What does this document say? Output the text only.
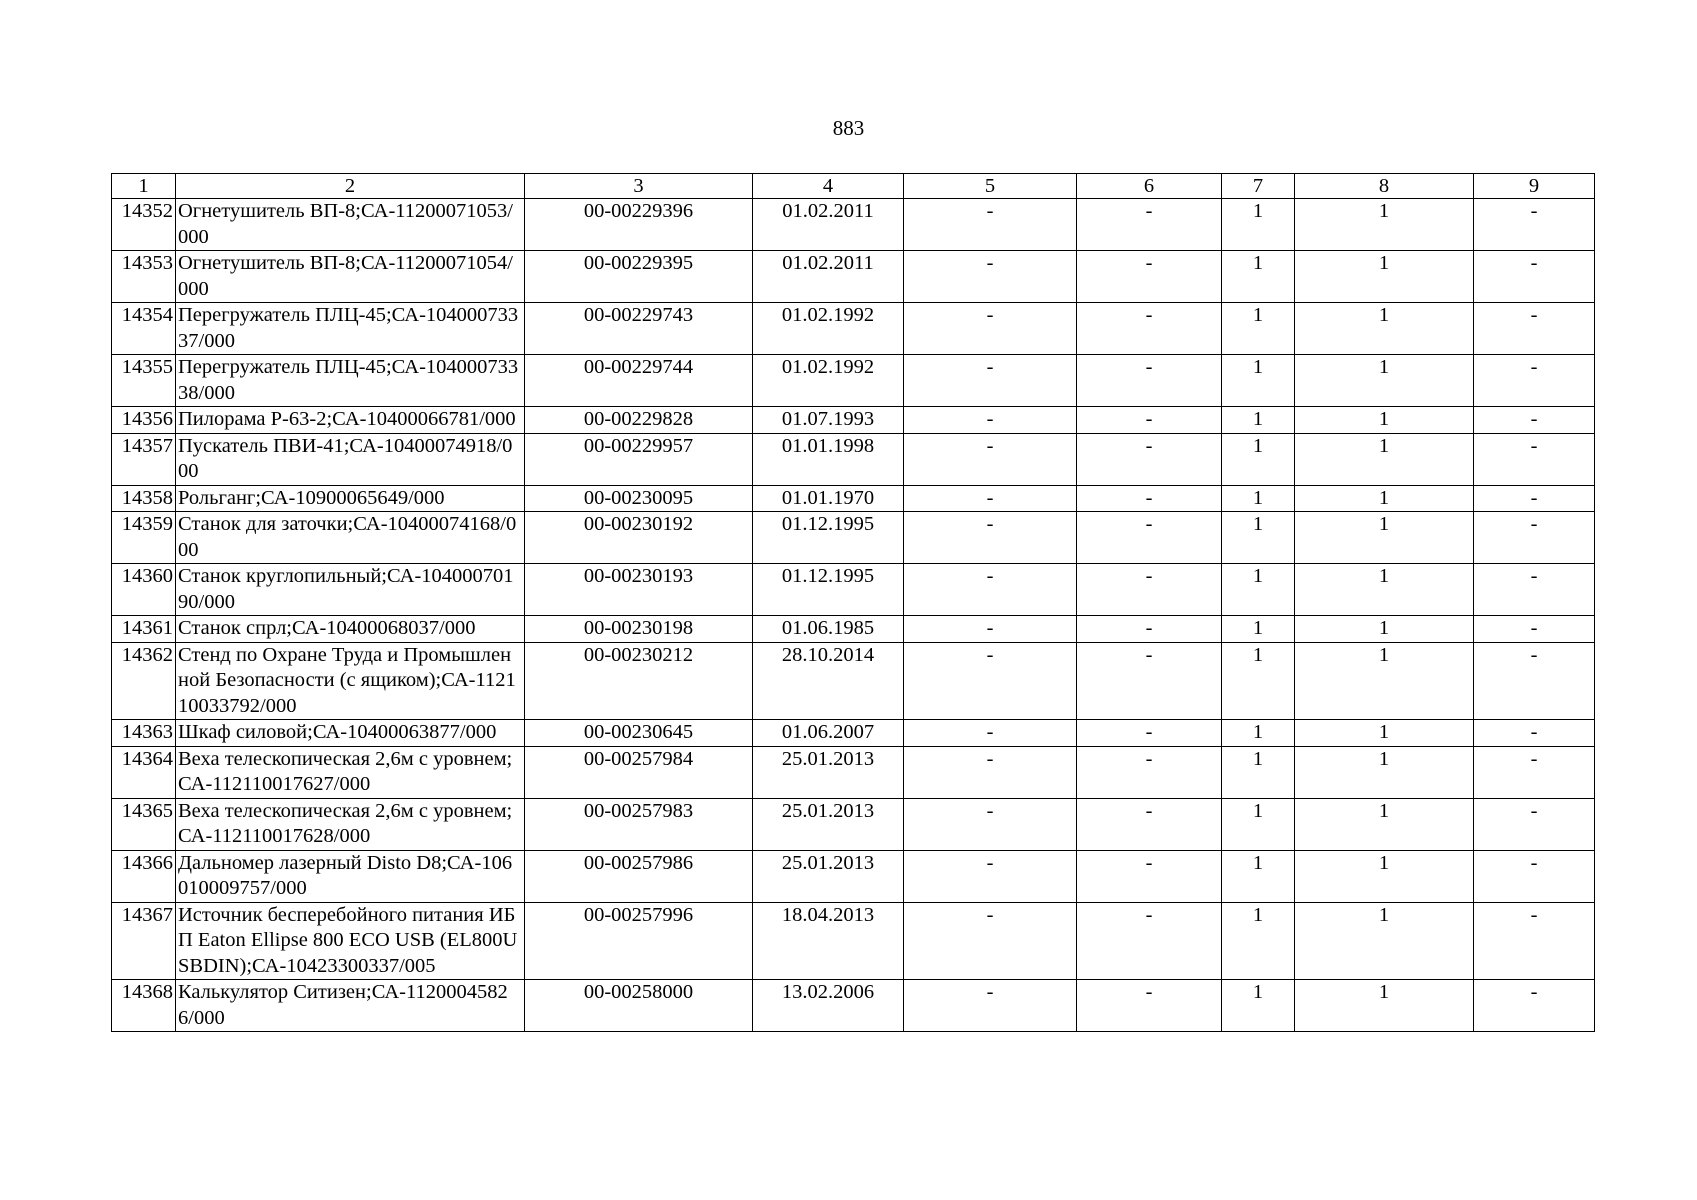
883
1	2	3	4	5	6	7	8	9
14352	Огнетушитель ВП-8;СА-11200071053/000	00-00229396	01.02.2011	-	-	1	1	-
14353	Огнетушитель ВП-8;СА-11200071054/000	00-00229395	01.02.2011	-	-	1	1	-
14354	Перегружатель ПЛЦ-45;СА-10400073337/000	00-00229743	01.02.1992	-	-	1	1	-
14355	Перегружатель ПЛЦ-45;СА-10400073338/000	00-00229744	01.02.1992	-	-	1	1	-
14356	Пилорама Р-63-2;СА-10400066781/000	00-00229828	01.07.1993	-	-	1	1	-
14357	Пускатель ПВИ-41;СА-10400074918/000	00-00229957	01.01.1998	-	-	1	1	-
14358	Рольганг;СА-10900065649/000	00-00230095	01.01.1970	-	-	1	1	-
14359	Станок для заточки;СА-10400074168/000	00-00230192	01.12.1995	-	-	1	1	-
14360	Станок круглопильный;СА-10400070190/000	00-00230193	01.12.1995	-	-	1	1	-
14361	Станок спрл;СА-10400068037/000	00-00230198	01.06.1985	-	-	1	1	-
14362	Стенд по Охране Труда и Промышленной Безопасности (с ящиком);СА-112110033792/000	00-00230212	28.10.2014	-	-	1	1	-
14363	Шкаф силовой;СА-10400063877/000	00-00230645	01.06.2007	-	-	1	1	-
14364	Веха телескопическая 2,6м с уровнем;СА-112110017627/000	00-00257984	25.01.2013	-	-	1	1	-
14365	Веха телескопическая 2,6м с уровнем;СА-112110017628/000	00-00257983	25.01.2013	-	-	1	1	-
14366	Дальномер лазерный Disto D8;СА-106010009757/000	00-00257986	25.01.2013	-	-	1	1	-
14367	Источник бесперебойного питания ИБП Eaton Ellipse 800 ECO USB (EL800USBDIN);СА-10423300337/005	00-00257996	18.04.2013	-	-	1	1	-
14368	Калькулятор Ситизен;СА-11200045826/000	00-00258000	13.02.2006	-	-	1	1	-
